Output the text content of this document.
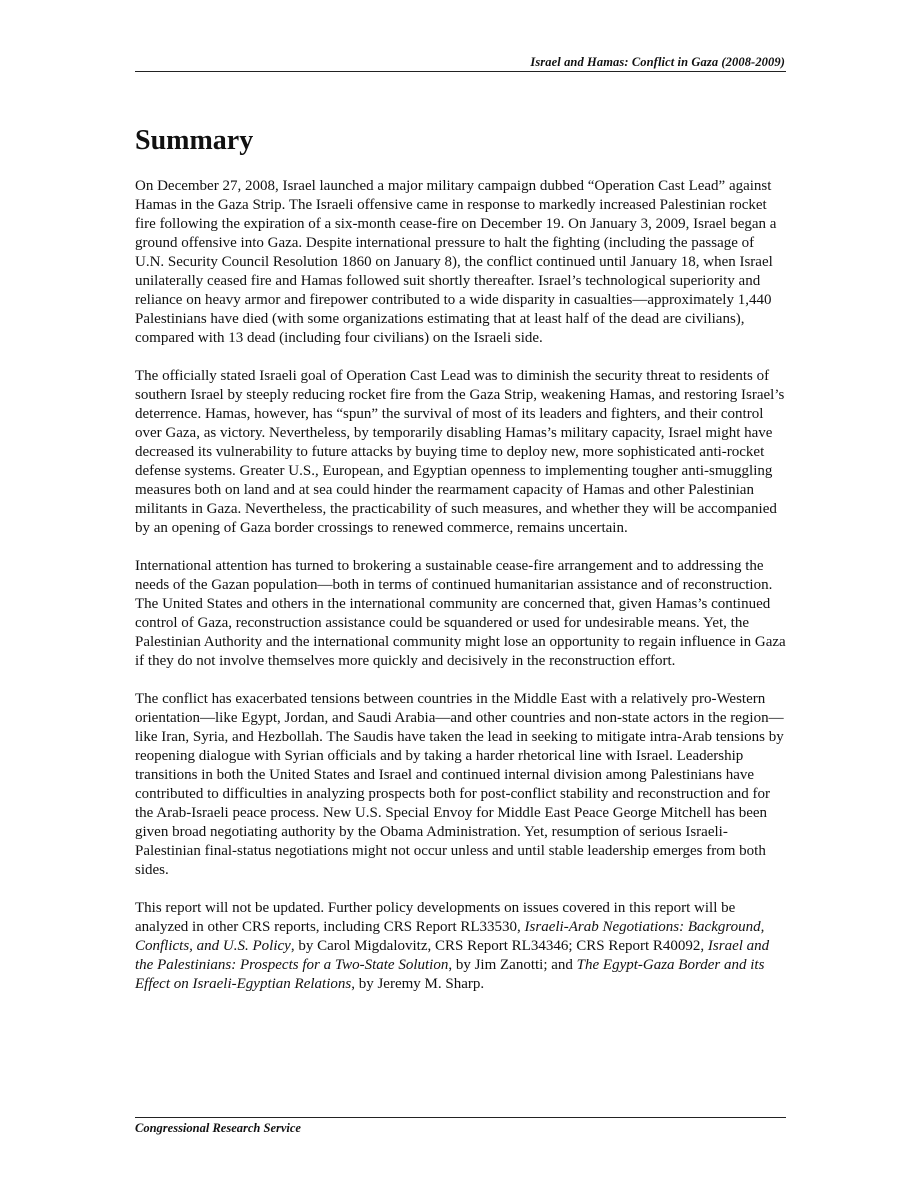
Israel and Hamas: Conflict in Gaza (2008-2009)
Summary

On December 27, 2008, Israel launched a major military campaign dubbed “Operation Cast Lead” against Hamas in the Gaza Strip. The Israeli offensive came in response to markedly increased Palestinian rocket fire following the expiration of a six-month cease-fire on December 19. On January 3, 2009, Israel began a ground offensive into Gaza. Despite international pressure to halt the fighting (including the passage of U.N. Security Council Resolution 1860 on January 8), the conflict continued until January 18, when Israel unilaterally ceased fire and Hamas followed suit shortly thereafter. Israel’s technological superiority and reliance on heavy armor and firepower contributed to a wide disparity in casualties—approximately 1,440 Palestinians have died (with some organizations estimating that at least half of the dead are civilians), compared with 13 dead (including four civilians) on the Israeli side.

The officially stated Israeli goal of Operation Cast Lead was to diminish the security threat to residents of southern Israel by steeply reducing rocket fire from the Gaza Strip, weakening Hamas, and restoring Israel’s deterrence. Hamas, however, has “spun” the survival of most of its leaders and fighters, and their control over Gaza, as victory. Nevertheless, by temporarily disabling Hamas’s military capacity, Israel might have decreased its vulnerability to future attacks by buying time to deploy new, more sophisticated anti-rocket defense systems. Greater U.S., European, and Egyptian openness to implementing tougher anti-smuggling measures both on land and at sea could hinder the rearmament capacity of Hamas and other Palestinian militants in Gaza. Nevertheless, the practicability of such measures, and whether they will be accompanied by an opening of Gaza border crossings to renewed commerce, remains uncertain.

International attention has turned to brokering a sustainable cease-fire arrangement and to addressing the needs of the Gazan population—both in terms of continued humanitarian assistance and of reconstruction. The United States and others in the international community are concerned that, given Hamas’s continued control of Gaza, reconstruction assistance could be squandered or used for undesirable means. Yet, the Palestinian Authority and the international community might lose an opportunity to regain influence in Gaza if they do not involve themselves more quickly and decisively in the reconstruction effort.

The conflict has exacerbated tensions between countries in the Middle East with a relatively pro-Western orientation—like Egypt, Jordan, and Saudi Arabia—and other countries and non-state actors in the region—like Iran, Syria, and Hezbollah. The Saudis have taken the lead in seeking to mitigate intra-Arab tensions by reopening dialogue with Syrian officials and by taking a harder rhetorical line with Israel. Leadership transitions in both the United States and Israel and continued internal division among Palestinians have contributed to difficulties in analyzing prospects both for post-conflict stability and reconstruction and for the Arab-Israeli peace process. New U.S. Special Envoy for Middle East Peace George Mitchell has been given broad negotiating authority by the Obama Administration. Yet, resumption of serious Israeli-Palestinian final-status negotiations might not occur unless and until stable leadership emerges from both sides.

This report will not be updated. Further policy developments on issues covered in this report will be analyzed in other CRS reports, including CRS Report RL33530, Israeli-Arab Negotiations: Background, Conflicts, and U.S. Policy, by Carol Migdalovitz, CRS Report RL34346; CRS Report R40092, Israel and the Palestinians: Prospects for a Two-State Solution, by Jim Zanotti; and The Egypt-Gaza Border and its Effect on Israeli-Egyptian Relations, by Jeremy M. Sharp.

Congressional Research Service
